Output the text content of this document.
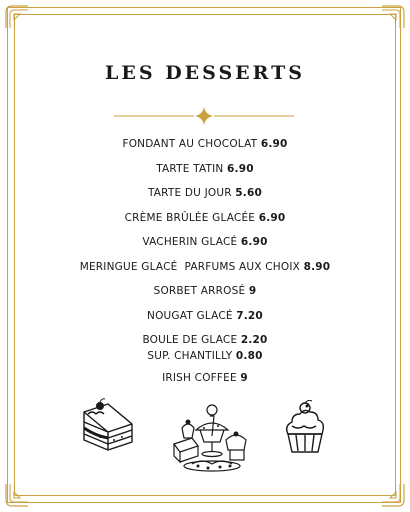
LES DESSERTS
FONDANT AU CHOCOLAT 6.90
TARTE TATIN 6.90
TARTE DU JOUR 5.60
CRÈME BRÛLÉE GLACÉE 6.90
VACHERIN GLACÉ 6.90
MERINGUE GLACÉ  PARFUMS AUX CHOIX 8.90
SORBET ARROSÉ 9
NOUGAT GLACÉ 7.20
BOULE DE GLACE 2.20
SUP. CHANTILLY 0.80
IRISH COFFEE 9
